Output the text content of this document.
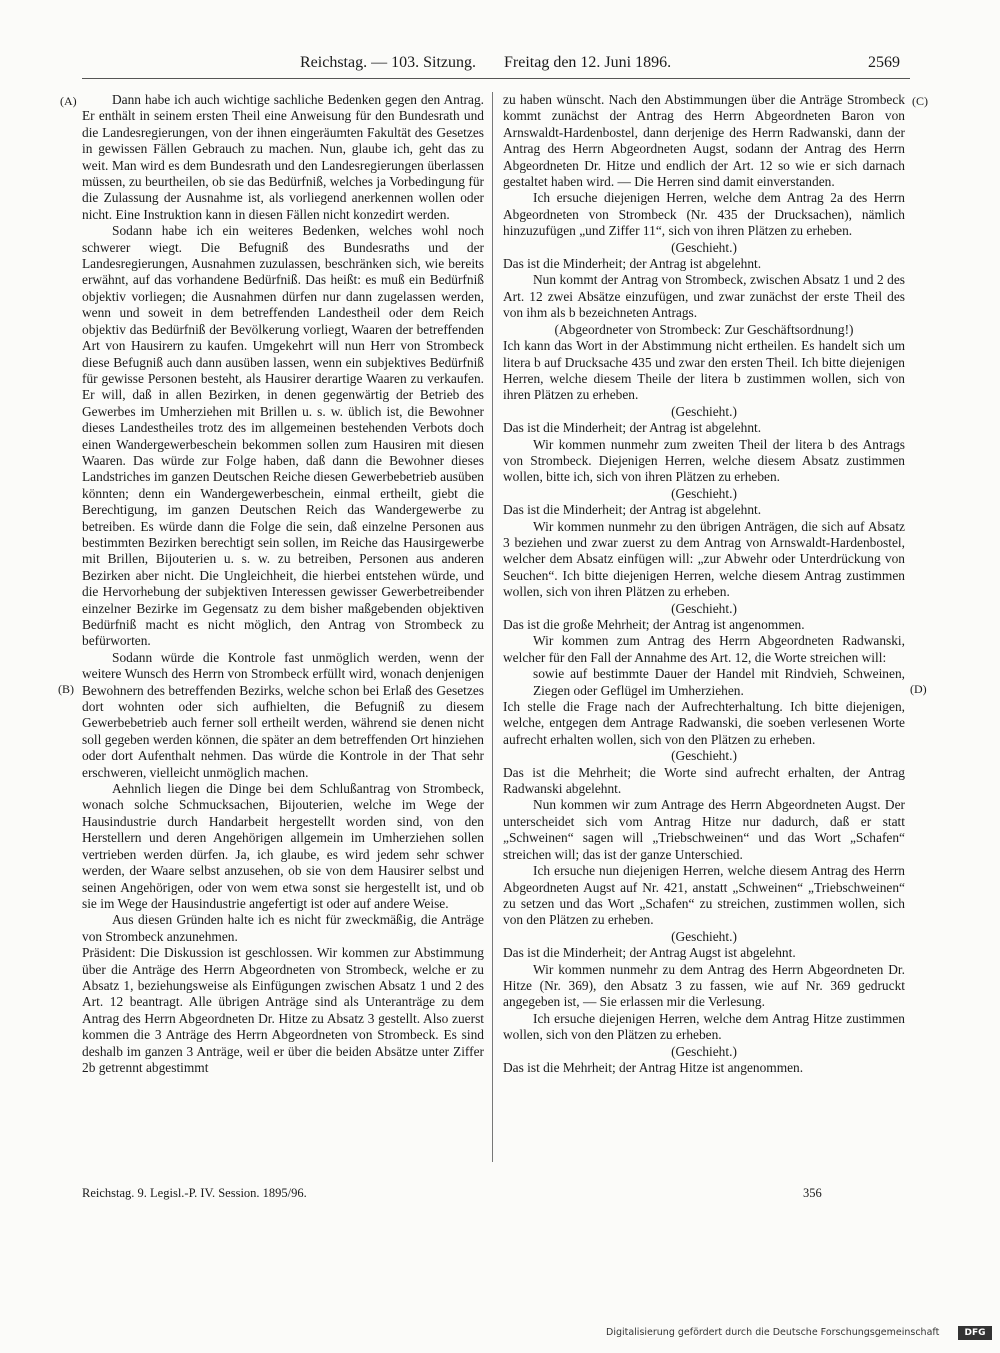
Reichstag. — 103. Sitzung. Freitag den 12. Juni 1896.	2569
(A)
(B)
(C)
(D)

Dann habe ich auch wichtige sachliche Bedenken gegen den Antrag. Er enthält in seinem ersten Theil eine Anweisung für den Bundesrath und die Landesregierungen, von der ihnen eingeräumten Fakultät des Gesetzes in gewissen Fällen Gebrauch zu machen. Nun, glaube ich, geht das zu weit. Man wird es dem Bundesrath und den Landesregierungen überlassen müssen, zu beurtheilen, ob sie das Bedürfniß, welches ja Vorbedingung für die Zulassung der Ausnahme ist, als vorliegend anerkennen wollen oder nicht. Eine Instruktion kann in diesen Fällen nicht konzedirt werden.

Sodann habe ich ein weiteres Bedenken, welches wohl noch schwerer wiegt. Die Befugniß des Bundesraths und der Landesregierungen, Ausnahmen zuzulassen, beschränken sich, wie bereits erwähnt, auf das vorhandene Bedürfniß. Das heißt: es muß ein Bedürfniß objektiv vorliegen; die Ausnahmen dürfen nur dann zugelassen werden, wenn und soweit in dem betreffenden Landestheil oder dem Reich objektiv das Bedürfniß der Bevölkerung vorliegt, Waaren der betreffenden Art von Hausirern zu kaufen. Umgekehrt will nun Herr von Strombeck diese Befugniß auch dann ausüben lassen, wenn ein subjektives Bedürfniß für gewisse Personen besteht, als Hausirer derartige Waaren zu verkaufen. Er will, daß in allen Bezirken, in denen gegenwärtig der Betrieb des Gewerbes im Umherziehen mit Brillen u. s. w. üblich ist, die Bewohner dieses Landestheiles trotz des im allgemeinen bestehenden Verbots doch einen Wandergewerbeschein bekommen sollen zum Hausiren mit diesen Waaren. Das würde zur Folge haben, daß dann die Bewohner dieses Landstriches im ganzen Deutschen Reiche diesen Gewerbebetrieb ausüben könnten; denn ein Wandergewerbeschein, einmal ertheilt, giebt die Berechtigung, im ganzen Deutschen Reich das Wandergewerbe zu betreiben. Es würde dann die Folge die sein, daß einzelne Personen aus bestimmten Bezirken berechtigt sein sollen, im Reiche das Hausirgewerbe mit Brillen, Bijouterien u. s. w. zu betreiben, Personen aus anderen Bezirken aber nicht. Die Ungleichheit, die hierbei entstehen würde, und die Hervorhebung der subjektiven Interessen gewisser Gewerbetreibender einzelner Bezirke im Gegensatz zu dem bisher maßgebenden objektiven Bedürfniß macht es nicht möglich, den Antrag von Strombeck zu befürworten.

Sodann würde die Kontrole fast unmöglich werden, wenn der weitere Wunsch des Herrn von Strombeck erfüllt wird, wonach denjenigen Bewohnern des betreffenden Bezirks, welche schon bei Erlaß des Gesetzes dort wohnten oder sich aufhielten, die Befugniß zu diesem Gewerbebetrieb auch ferner soll ertheilt werden, während sie denen nicht soll gegeben werden können, die später an dem betreffenden Ort hinziehen oder dort Aufenthalt nehmen. Das würde die Kontrole in der That sehr erschweren, vielleicht unmöglich machen.

Aehnlich liegen die Dinge bei dem Schlußantrag von Strombeck, wonach solche Schmucksachen, Bijouterien, welche im Wege der Hausindustrie durch Handarbeit hergestellt worden sind, von den Herstellern und deren Angehörigen allgemein im Umherziehen sollen vertrieben werden dürfen. Ja, ich glaube, es wird jedem sehr schwer werden, der Waare selbst anzusehen, ob sie von dem Hausirer selbst und seinen Angehörigen, oder von wem etwa sonst sie hergestellt ist, und ob sie im Wege der Hausindustrie angefertigt ist oder auf andere Weise.

Aus diesen Gründen halte ich es nicht für zweckmäßig, die Anträge von Strombeck anzunehmen.

Präsident: Die Diskussion ist geschlossen. Wir kommen zur Abstimmung über die Anträge des Herrn Abgeordneten von Strombeck, welche er zu Absatz 1, beziehungsweise als Einfügungen zwischen Absatz 1 und 2 des Art. 12 beantragt. Alle übrigen Anträge sind als Unteranträge zu dem Antrag des Herrn Abgeordneten Dr. Hitze zu Absatz 3 gestellt. Also zuerst kommen die 3 Anträge des Herrn Abgeordneten von Strombeck. Es sind deshalb im ganzen 3 Anträge, weil er über die beiden Absätze unter Ziffer 2b getrennt abgestimmt

zu haben wünscht. Nach den Abstimmungen über die Anträge Strombeck kommt zunächst der Antrag des Herrn Abgeordneten Baron von Arnswaldt-Hardenbostel, dann derjenige des Herrn Radwanski, dann der Antrag des Herrn Abgeordneten Augst, sodann der Antrag des Herrn Abgeordneten Dr. Hitze und endlich der Art. 12 so wie er sich darnach gestaltet haben wird. — Die Herren sind damit einverstanden.

Ich ersuche diejenigen Herren, welche dem Antrag 2a des Herrn Abgeordneten von Strombeck (Nr. 435 der Drucksachen), nämlich hinzuzufügen „und Ziffer 11“, sich von ihren Plätzen zu erheben.

(Geschieht.)

Das ist die Minderheit; der Antrag ist abgelehnt.

Nun kommt der Antrag von Strombeck, zwischen Absatz 1 und 2 des Art. 12 zwei Absätze einzufügen, und zwar zunächst der erste Theil des von ihm als b bezeichneten Antrags.

(Abgeordneter von Strombeck: Zur Geschäftsordnung!)

Ich kann das Wort in der Abstimmung nicht ertheilen. Es handelt sich um litera b auf Drucksache 435 und zwar den ersten Theil. Ich bitte diejenigen Herren, welche diesem Theile der litera b zustimmen wollen, sich von ihren Plätzen zu erheben.

(Geschieht.)

Das ist die Minderheit; der Antrag ist abgelehnt.

Wir kommen nunmehr zum zweiten Theil der litera b des Antrags von Strombeck. Diejenigen Herren, welche diesem Absatz zustimmen wollen, bitte ich, sich von ihren Plätzen zu erheben.

(Geschieht.)

Das ist die Minderheit; der Antrag ist abgelehnt.

Wir kommen nunmehr zu den übrigen Anträgen, die sich auf Absatz 3 beziehen und zwar zuerst zu dem Antrag von Arnswaldt-Hardenbostel, welcher dem Absatz einfügen will: „zur Abwehr oder Unterdrückung von Seuchen“. Ich bitte diejenigen Herren, welche diesem Antrag zustimmen wollen, sich von ihren Plätzen zu erheben.

(Geschieht.)

Das ist die große Mehrheit; der Antrag ist angenommen.

Wir kommen zum Antrag des Herrn Abgeordneten Radwanski, welcher für den Fall der Annahme des Art. 12, die Worte streichen will:

sowie auf bestimmte Dauer der Handel mit Rindvieh, Schweinen, Ziegen oder Geflügel im Umherziehen.

Ich stelle die Frage nach der Aufrechterhaltung. Ich bitte diejenigen, welche, entgegen dem Antrage Radwanski, die soeben verlesenen Worte aufrecht erhalten wollen, sich von den Plätzen zu erheben.

(Geschieht.)

Das ist die Mehrheit; die Worte sind aufrecht erhalten, der Antrag Radwanski abgelehnt.

Nun kommen wir zum Antrage des Herrn Abgeordneten Augst. Der unterscheidet sich vom Antrag Hitze nur dadurch, daß er statt „Schweinen“ sagen will „Triebschweinen“ und das Wort „Schafen“ streichen will; das ist der ganze Unterschied.

Ich ersuche nun diejenigen Herren, welche diesem Antrag des Herrn Abgeordneten Augst auf Nr. 421, anstatt „Schweinen“ „Triebschweinen“ zu setzen und das Wort „Schafen“ zu streichen, zustimmen wollen, sich von den Plätzen zu erheben.

(Geschieht.)

Das ist die Minderheit; der Antrag Augst ist abgelehnt.

Wir kommen nunmehr zu dem Antrag des Herrn Abgeordneten Dr. Hitze (Nr. 369), den Absatz 3 zu fassen, wie auf Nr. 369 gedruckt angegeben ist, — Sie erlassen mir die Verlesung.

Ich ersuche diejenigen Herren, welche dem Antrag Hitze zustimmen wollen, sich von den Plätzen zu erheben.

(Geschieht.)

Das ist die Mehrheit; der Antrag Hitze ist angenommen.

Reichstag. 9. Legisl.-P. IV. Session. 1895/96.	356
Digitalisierung gefördert durch die Deutsche Forschungsgemeinschaft	DFG
